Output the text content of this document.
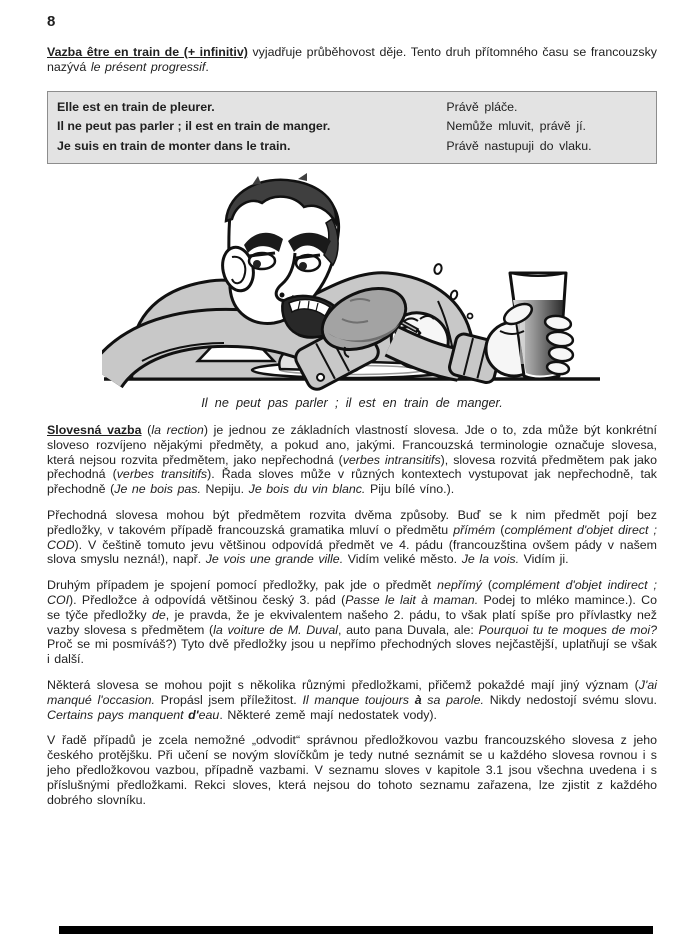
8

Vazba être en train de (+ infinitiv) vyjadřuje průběhovost děje. Tento druh přítomného času se francouzsky nazývá le présent progressif.

Elle est en train de pleurer.	Právě pláče.
Il ne peut pas parler ; il est en train de manger.	Nemůže mluvit, právě jí.
Je suis en train de monter dans le train.	Právě nastupuji do vlaku.

Il ne peut pas parler ; il est en train de manger.

Slovesná vazba (la rection) je jednou ze základních vlastností slovesa. Jde o to, zda může být konkrétní sloveso rozvíjeno nějakými předměty, a pokud ano, jakými. Francouzská terminologie označuje slovesa, která nejsou rozvita předmětem, jako nepřechodná (verbes intransitifs), slovesa rozvitá předmětem pak jako přechodná (verbes transitifs). Řada sloves může v různých kontextech vystupovat jak nepřechodně, tak přechodně (Je ne bois pas. Nepiju. Je bois du vin blanc. Piju bílé víno.).

Přechodná slovesa mohou být předmětem rozvita dvěma způsoby. Buď se k nim předmět pojí bez předložky, v takovém případě francouzská gramatika mluví o předmětu přímém (complément d'objet direct ; COD). V češtině tomuto jevu většinou odpovídá předmět ve 4. pádu (francouzština ovšem pády v našem slova smyslu nezná!), např. Je vois une grande ville. Vidím veliké město. Je la vois. Vidím ji.

Druhým případem je spojení pomocí předložky, pak jde o předmět nepřímý (complément d'objet indirect ; COI). Předložce à odpovídá většinou český 3. pád (Passe le lait à maman. Podej to mléko mamince.). Co se týče předložky de, je pravda, že je ekvivalentem našeho 2. pádu, to však platí spíše pro přívlastky než vazby slovesa s předmětem (la voiture de M. Duval, auto pana Duvala, ale: Pourquoi tu te moques de moi? Proč se mi posmíváš?) Tyto dvě předložky jsou u nepřímo přechodných sloves nejčastější, uplatňují se však i další.

Některá slovesa se mohou pojit s několika různými předložkami, přičemž pokaždé mají jiný význam (J'ai manqué l'occasion. Propásl jsem příležitost. Il manque toujours à sa parole. Nikdy nedostojí svému slovu. Certains pays manquent d'eau. Některé země mají nedostatek vody).

V řadě případů je zcela nemožné „odvodit“ správnou předložkovou vazbu francouzského slovesa z jeho českého protějšku. Při učení se novým slovíčkům je tedy nutné seznámit se u každého slovesa rovnou i s jeho předložkovou vazbou, případně vazbami. V seznamu sloves v kapitole 3.1 jsou všechna uvedena i s příslušnými předložkami. Rekci sloves, která nejsou do tohoto seznamu zařazena, lze zjistit z každého dobrého slovníku.
